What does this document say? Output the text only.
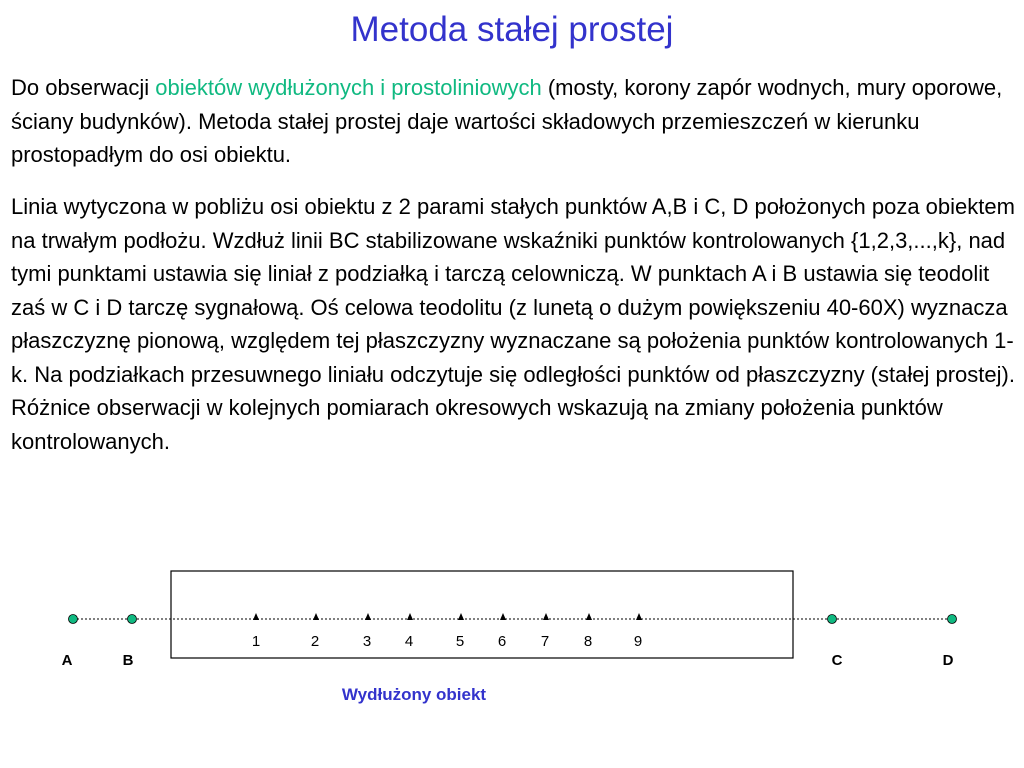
Metoda stałej prostej

Do obserwacji obiektów wydłużonych i prostoliniowych (mosty, korony zapór wodnych, mury oporowe, ściany budynków). Metoda stałej prostej daje wartości składowych przemieszczeń w kierunku prostopadłym do osi obiektu.

Linia wytyczona w pobliżu osi obiektu z 2 parami stałych punktów A,B i C, D położonych poza obiektem na trwałym podłożu. Wzdłuż linii BC stabilizowane wskaźniki punktów kontrolowanych {1,2,3,...,k}, nad tymi punktami ustawia się liniał z podziałką i tarczą celowniczą. W punktach A i B ustawia się teodolit zaś w C i D tarczę sygnałową. Oś celowa teodolitu (z lunetą o dużym powiększeniu 40-60X) wyznacza płaszczyznę pionową, względem tej płaszczyzny wyznaczane są położenia punktów kontrolowanych 1-k. Na podziałkach przesuwnego liniału odczytuje się odległości punktów od płaszczyzny (stałej prostej). Różnice obserwacji w kolejnych pomiarach okresowych wskazują na zmiany położenia punktów kontrolowanych.

A	B	C	D
1	2	3 4	5 6 7 8	9
Wydłużony obiekt
